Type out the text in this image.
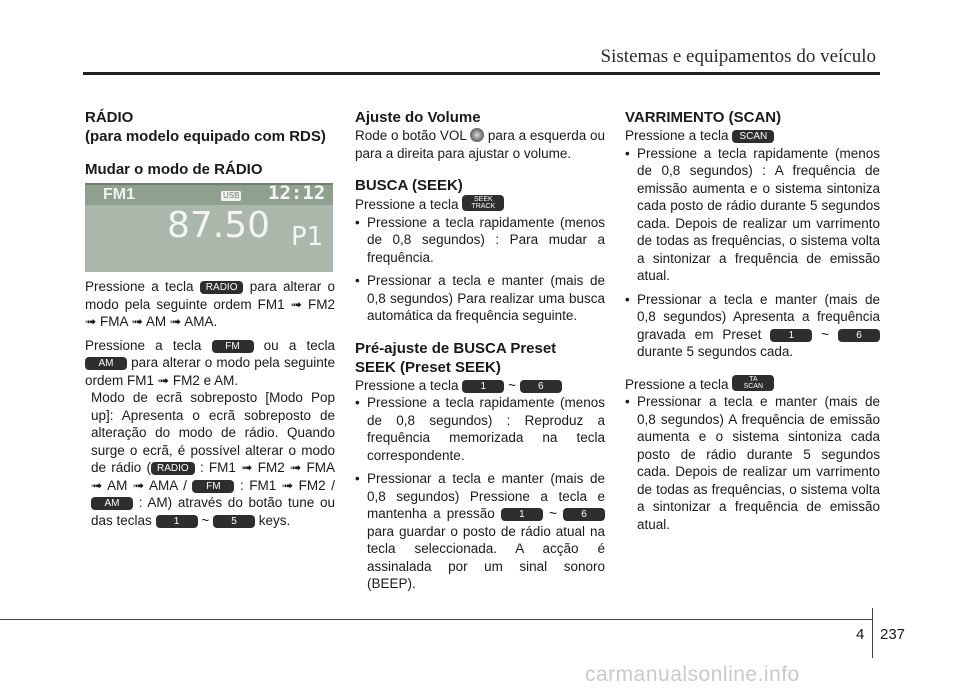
Sistemas e equipamentos do veículo
RÁDIO
(para modelo equipado com RDS)
Mudar o modo de RÁDIO
FM1	USB 12:12
87.50 P1

Pressione a tecla RADIO para alterar o modo pela seguinte ordem FM1 ➟ FM2 ➟ FMA ➟ AM ➟ AMA.

Pressione a tecla FM ou a tecla AM para alterar o modo pela seguinte ordem FM1 ➟ FM2 e AM.

Modo de ecrã sobreposto [Modo Pop up]: Apresenta o ecrã sobreposto de alteração do modo de rádio. Quando surge o ecrã, é possível alterar o modo de rádio ( RADIO : FM1 ➟ FM2 ➟ FMA ➟ AM ➟ AMA / FM : FM1 ➟ FM2 / AM : AM) através do botão tune ou das teclas 1 ~ 5 keys.

Ajuste do Volume

Rode o botão VOL para a esquerda ou para a direita para ajustar o volume.

BUSCA (SEEK)

Pressione a tecla SEEK
TRACK

• Pressione a tecla rapidamente (menos de 0,8 segundos) : Para mudar a frequência.

• Pressionar a tecla e manter (mais de 0,8 segundos) Para realizar uma busca automática da frequência seguinte.

Pré-ajuste de BUSCA Preset
SEEK (Preset SEEK)

Pressione a tecla 1 ~ 6

• Pressione a tecla rapidamente (menos de 0,8 segundos) : Reproduz a frequência memorizada na tecla correspondente.

• Pressionar a tecla e manter (mais de 0,8 segundos) Pressione a tecla e mantenha a pressão 1 ~ 6 para guardar o posto de rádio atual na tecla seleccionada. A acção é assinalada por um sinal sonoro (BEEP).

VARRIMENTO (SCAN)

Pressione a tecla SCAN

• Pressione a tecla rapidamente (menos de 0,8 segundos) : A frequência de emissão aumenta e o sistema sintoniza cada posto de rádio durante 5 segundos cada. Depois de realizar um varrimento de todas as frequências, o sistema volta a sintonizar a frequência de emissão atual.

• Pressionar a tecla e manter (mais de 0,8 segundos) Apresenta a frequência gravada em Preset	1 ~	6 durante 5 segundos cada.

Pressione a tecla	TA
SCAN

• Pressionar a tecla e manter (mais de 0,8 segundos) A frequência de emissão aumenta e o sistema sintoniza cada posto de rádio durante 5 segundos cada. Depois de realizar um varrimento de todas as frequências, o sistema volta a sintonizar a frequência de emissão atual.

4 237
carmanualsonline.info
